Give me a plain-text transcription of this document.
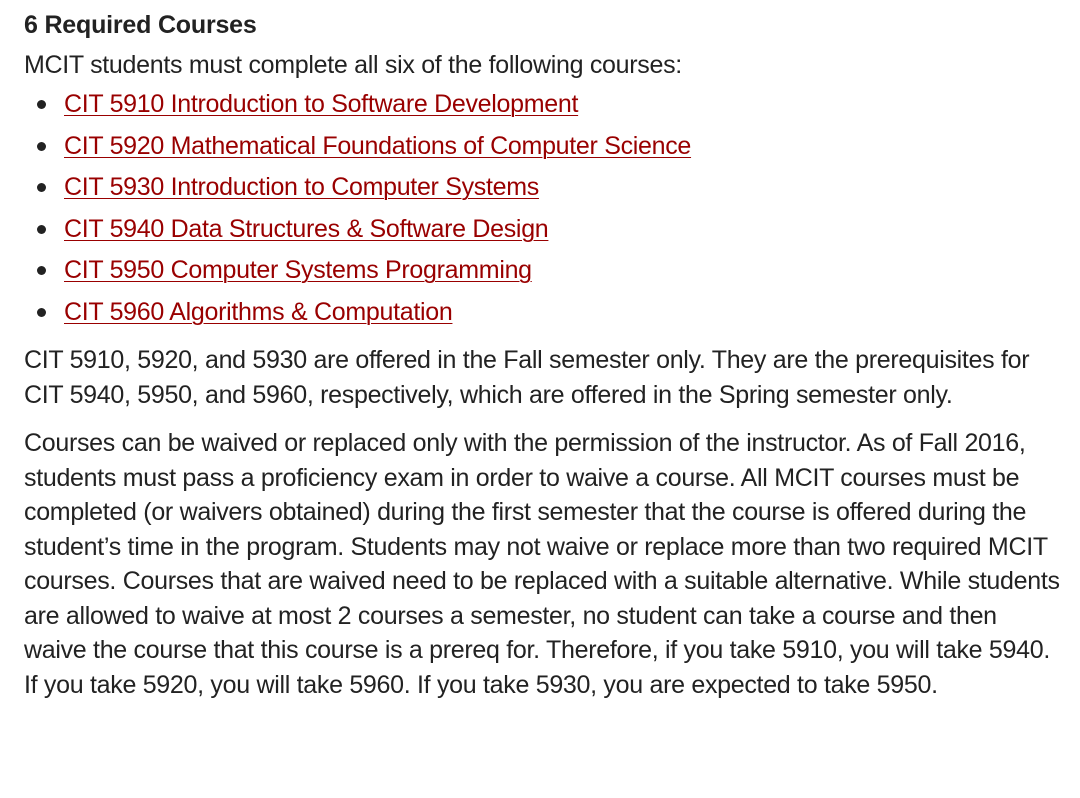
6 Required Courses

MCIT students must complete all six of the following courses:

CIT 5910 Introduction to Software Development
CIT 5920 Mathematical Foundations of Computer Science
CIT 5930 Introduction to Computer Systems
CIT 5940 Data Structures & Software Design
CIT 5950 Computer Systems Programming
CIT 5960 Algorithms & Computation

CIT 5910, 5920, and 5930 are offered in the Fall semester only. They are the prerequisites for CIT 5940, 5950, and 5960, respectively, which are offered in the Spring semester only.

Courses can be waived or replaced only with the permission of the instructor. As of Fall 2016, students must pass a proficiency exam in order to waive a course. All MCIT courses must be completed (or waivers obtained) during the first semester that the course is offered during the student’s time in the program. Students may not waive or replace more than two required MCIT courses. Courses that are waived need to be replaced with a suitable alternative. While students are allowed to waive at most 2 courses a semester, no student can take a course and then waive the course that this course is a prereq for. Therefore, if you take 5910, you will take 5940. If you take 5920, you will take 5960. If you take 5930, you are expected to take 5950.
